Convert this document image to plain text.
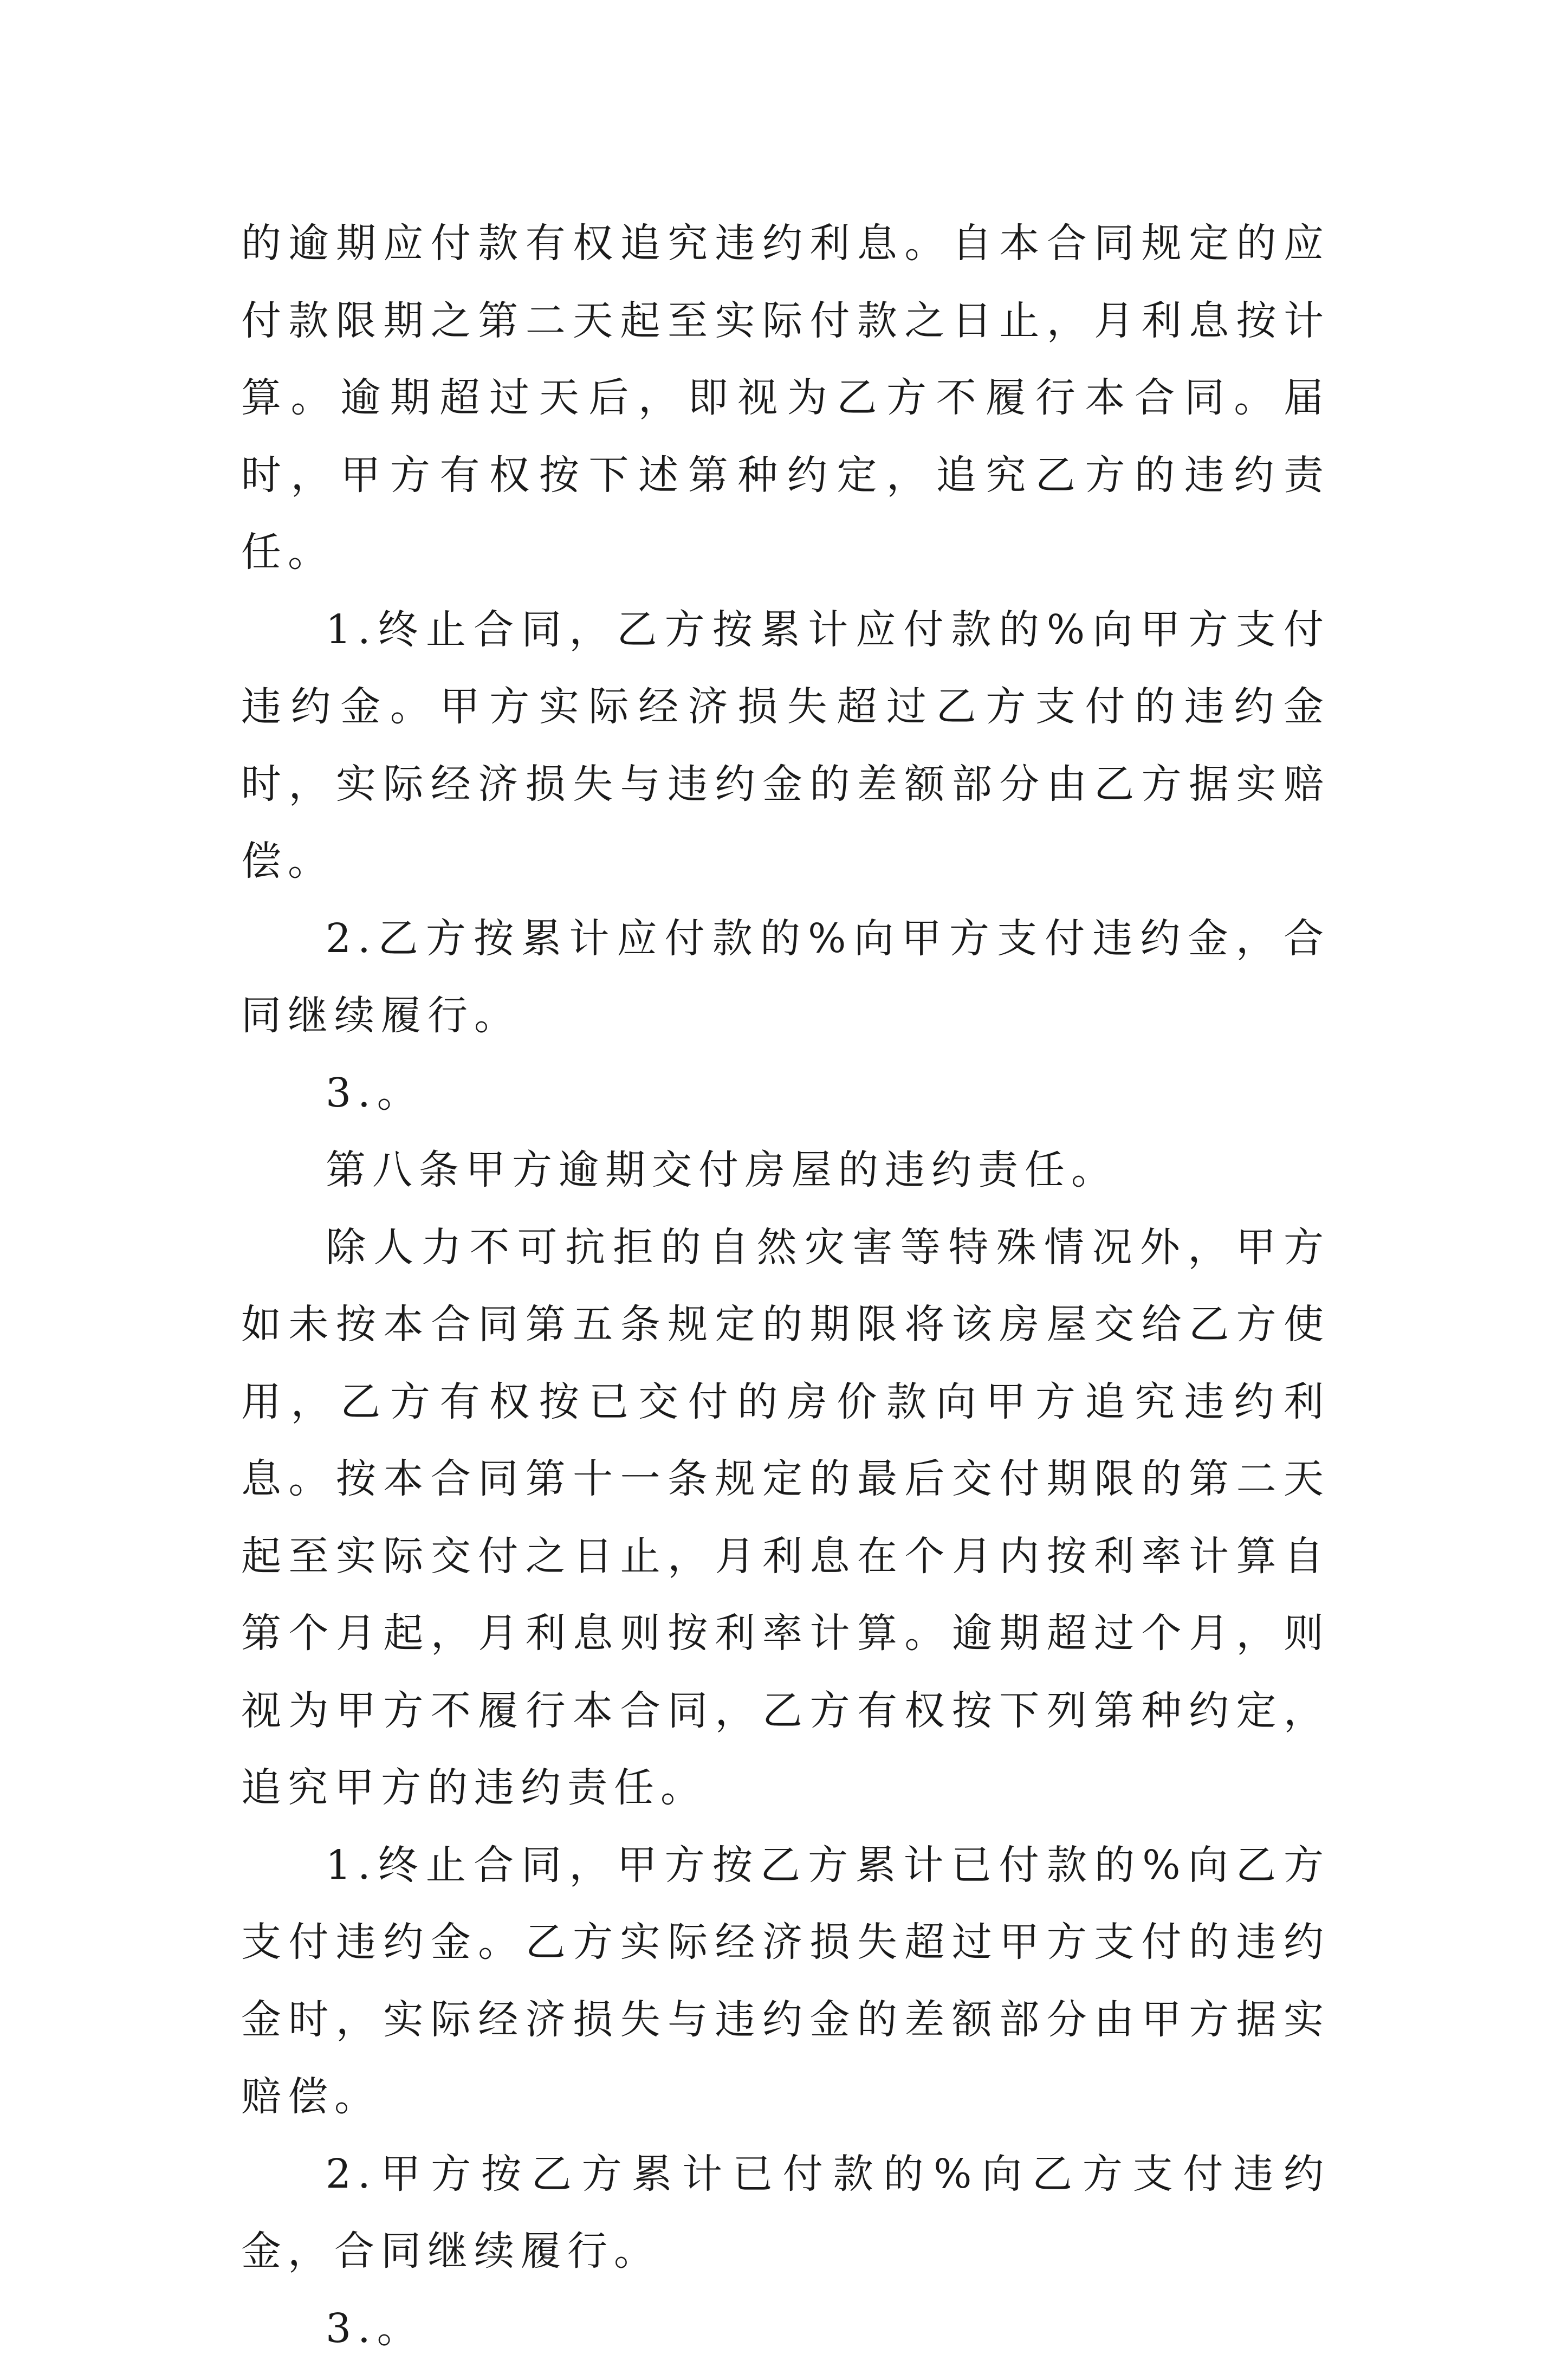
的逾期应付款有权追究违约利息。自本合同规定的应付款限期之第二天起至实际付款之日止，月利息按计算。逾期超过天后，即视为乙方不履行本合同。届时，甲方有权按下述第种约定，追究乙方的违约责任。

1.终止合同，乙方按累计应付款的%向甲方支付违约金。甲方实际经济损失超过乙方支付的违约金时，实际经济损失与违约金的差额部分由乙方据实赔偿。

2.乙方按累计应付款的%向甲方支付违约金，合同继续履行。

3.。

第八条甲方逾期交付房屋的违约责任。

除人力不可抗拒的自然灾害等特殊情况外，甲方如未按本合同第五条规定的期限将该房屋交给乙方使用，乙方有权按已交付的房价款向甲方追究违约利息。按本合同第十一条规定的最后交付期限的第二天起至实际交付之日止，月利息在个月内按利率计算自第个月起，月利息则按利率计算。逾期超过个月，则视为甲方不履行本合同，乙方有权按下列第种约定，追究甲方的违约责任。

1.终止合同，甲方按乙方累计已付款的%向乙方支付违约金。乙方实际经济损失超过甲方支付的违约金时，实际经济损失与违约金的差额部分由甲方据实赔偿。

2.甲方按乙方累计已付款的%向乙方支付违约金，合同继续履行。

3.。
